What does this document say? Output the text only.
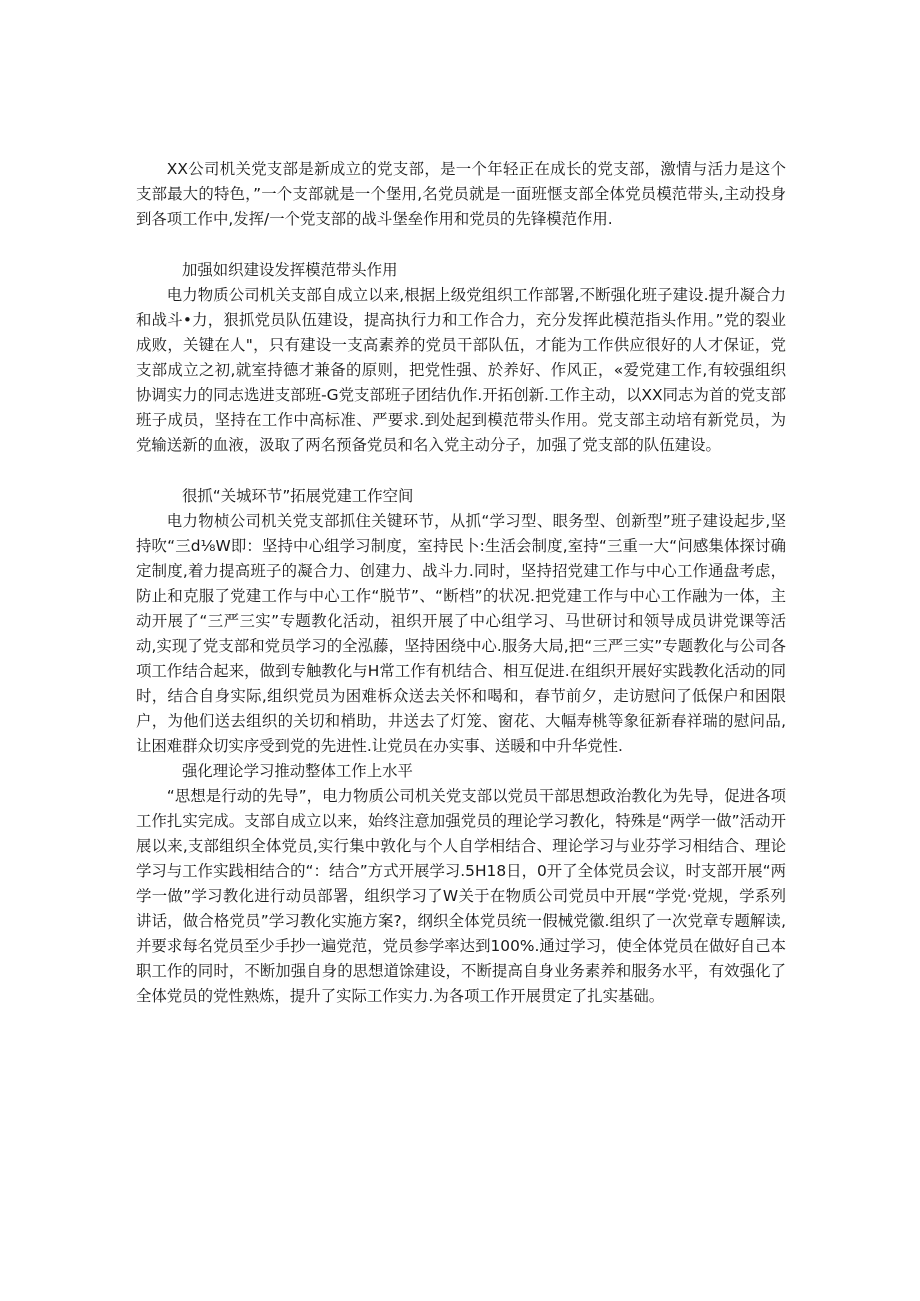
XX公司机关党支部是新成立的党支部，是一个年轻正在成长的党支部，激情与活力是这个支部最大的特色，”一个支部就是一个堡用,名党员就是一面班惬支部全体党员模范带头,主动投身到各项工作中,发挥/一个党支部的战斗堡垒作用和党员的先锋模范作用.

加强如织建设发挥模范带头作用

电力物质公司机关支部自成立以来,根据上级党组织工作部署,不断强化班子建设.提升凝合力和战斗•力，狠抓党员队伍建设，提高执行力和工作合力，充分发挥此模范指头作用。”党的裂业成败，关键在人"，只有建设一支高素养的党员干部队伍，才能为工作供应很好的人才保证，党支部成立之初,就室持德才兼备的原则，把党性强、於养好、作风正，«爱党建工作,有较强组织协调实力的同志选进支部班-G党支部班子团结仇作.开拓创新.工作主动，以XX同志为首的党支部班子成员，坚持在工作中高标准、严要求.到处起到模范带头作用。党支部主动培有新党员，为党输送新的血液，汲取了两名预备党员和名入党主动分子，加强了党支部的队伍建设。

很抓“关城环节”拓展党建工作空间

电力物桢公司机关党支部抓住关键环节，从抓“学习型、眼务型、创新型”班子建设起步,坚持吹“三d⅛W即：坚持中心组学习制度，室持民卜:生活会制度,室持“三重一大“问感集体探讨确定制度,着力提高班子的凝合力、创建力、战斗力.同时，坚持招党建工作与中心工作通盘考虑，防止和克服了党建工作与中心工作“脱节”、“断档”的状况.把党建工作与中心工作融为一体，主动开展了“三严三实”专题教化活动，祖织开展了中心组学习、马世研讨和领导成员讲党课等活动,实现了党支部和党员学习的全泓藤，坚持困绕中心.服务大局,把“三严三实”专题教化与公司各项工作结合起来，做到专触教化与H常工作有机结合、相互促进.在组织开展好实践教化活动的同时，结合自身实际,组织党员为困难柝众送去关怀和喝和，春节前夕，走访慰问了低保户和困限户，为他们送去组织的关切和梢助，井送去了灯笼、窗花、大幅寿桃等象征新春祥瑞的慰问品,让困难群众切实序受到党的先进性.让党员在办实事、送暖和中升华党性.

强化理论学习推动整体工作上水平

“思想是行动的先导”，电力物质公司机关党支部以党员干部思想政治教化为先导，促进各项工作扎实完成。支部自成立以来，始终注意加强党员的理论学习教化，特殊是“两学一做”活动开展以来,支部组织全体党员,实行集中敦化与个人自学相结合、理论学习与业芬学习相结合、理论学习与工作实践相结合的“：结合”方式开展学习.5H18日，0开了全体党员会议，时支部开展“两学一做”学习教化进行动员部署，组织学习了W关于在物质公司党员中开展“学党·党规，学系列讲话，做合格党员”学习教化实施方案?，纲织全体党员统一假械党徽.组织了一次党章专题解读,并要求每名党员至少手抄一遍党范，党员参学率达到100%.通过学习，使全体党员在做好自己本职工作的同时，不断加强自身的思想道馀建设，不断提高自身业务素养和服务水平，有效强化了全体党员的党性熟炼，提升了实际工作实力.为各项工作开展贯定了扎实基础。
